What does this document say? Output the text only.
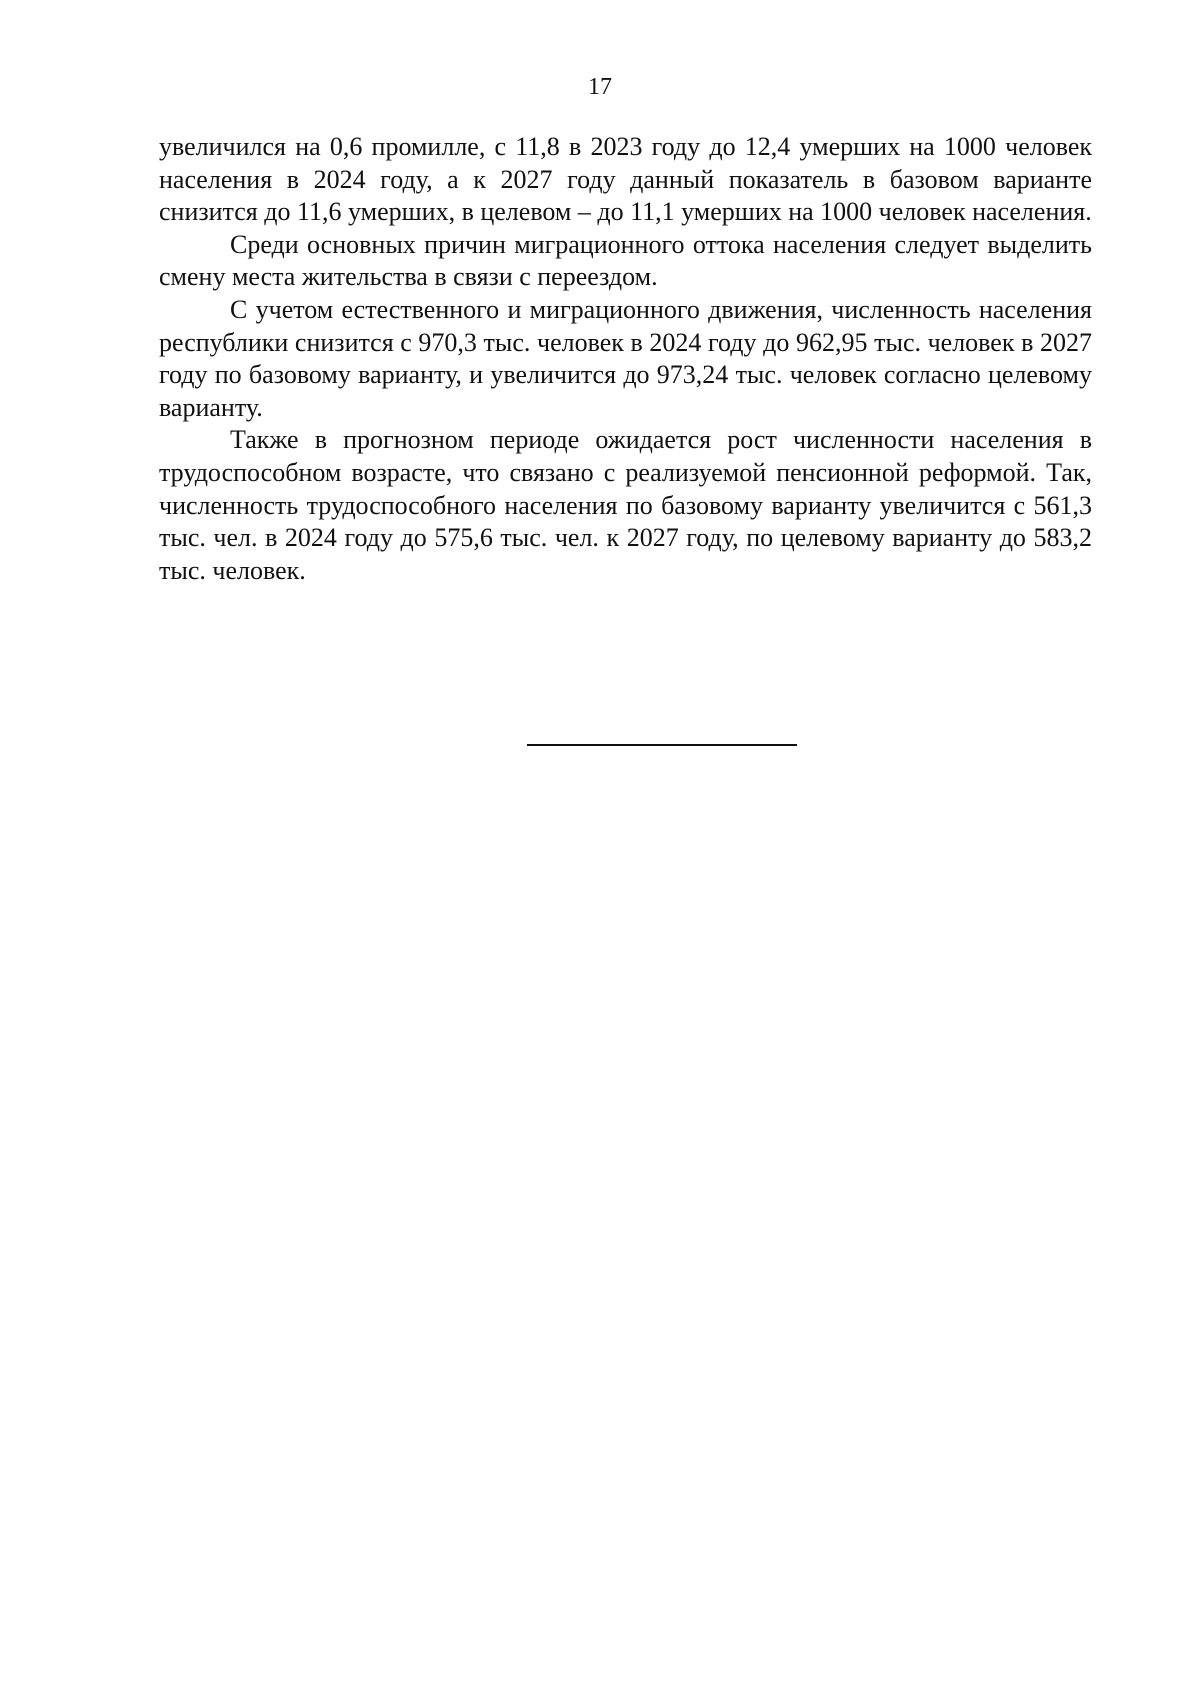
17

увеличился на 0,6 промилле, с 11,8 в 2023 году до 12,4 умерших на 1000 человек населения в 2024 году, а к 2027 году данный показатель в базовом варианте снизится до 11,6 умерших, в целевом – до 11,1 умерших на 1000 человек населения.

Среди основных причин миграционного оттока населения следует выделить смену места жительства в связи с переездом.

С учетом естественного и миграционного движения, численность населения республики снизится с 970,3 тыс. человек в 2024 году до 962,95 тыс. человек в 2027 году по базовому варианту, и увеличится до 973,24 тыс. человек согласно целевому варианту.

Также в прогнозном периоде ожидается рост численности населения в трудоспособном возрасте, что связано с реализуемой пенсионной реформой. Так, численность трудоспособного населения по базовому варианту увеличится с 561,3 тыс. чел. в 2024 году до 575,6 тыс. чел. к 2027 году, по целевому варианту до 583,2 тыс. человек.
